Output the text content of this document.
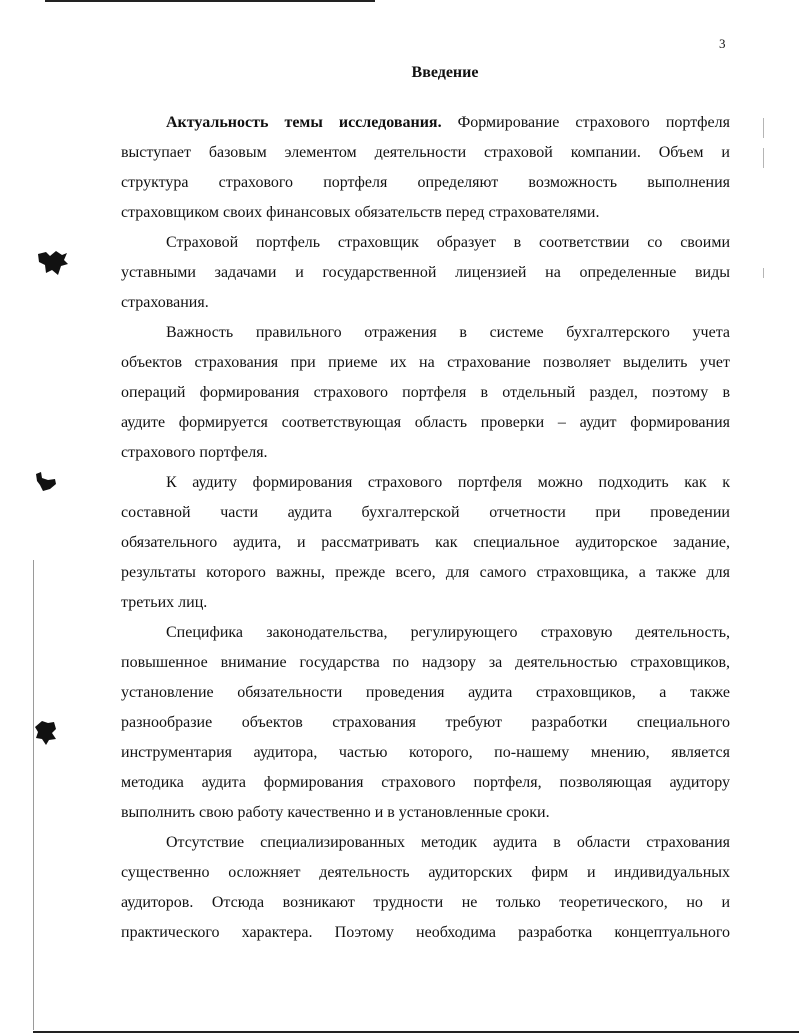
3
Введение

Актуальность темы исследования. Формирование страхового портфеля
выступает базовым элементом деятельности страховой компании. Объем и
структура страхового портфеля определяют возможность выполнения
страховщиком своих финансовых обязательств перед страхователями.

Страховой портфель страховщик образует в соответствии со своими
уставными задачами и государственной лицензией на определенные виды
страхования.

Важность правильного отражения в системе бухгалтерского учета
объектов страхования при приеме их на страхование позволяет выделить учет
операций формирования страхового портфеля в отдельный раздел, поэтому в
аудите формируется соответствующая область проверки – аудит формирования
страхового портфеля.

К аудиту формирования страхового портфеля можно подходить как к
составной части аудита бухгалтерской отчетности при проведении
обязательного аудита, и рассматривать как специальное аудиторское задание,
результаты которого важны, прежде всего, для самого страховщика, а также для
третьих лиц.

Специфика законодательства, регулирующего страховую деятельность,
повышенное внимание государства по надзору за деятельностью страховщиков,
установление обязательности проведения аудита страховщиков, а также
разнообразие объектов страхования требуют разработки специального
инструментария аудитора, частью которого, по-нашему мнению, является
методика аудита формирования страхового портфеля, позволяющая аудитору
выполнить свою работу качественно и в установленные сроки.

Отсутствие специализированных методик аудита в области страхования
существенно осложняет деятельность аудиторских фирм и индивидуальных
аудиторов. Отсюда возникают трудности не только теоретического, но и
практического характера. Поэтому необходима разработка концептуального
